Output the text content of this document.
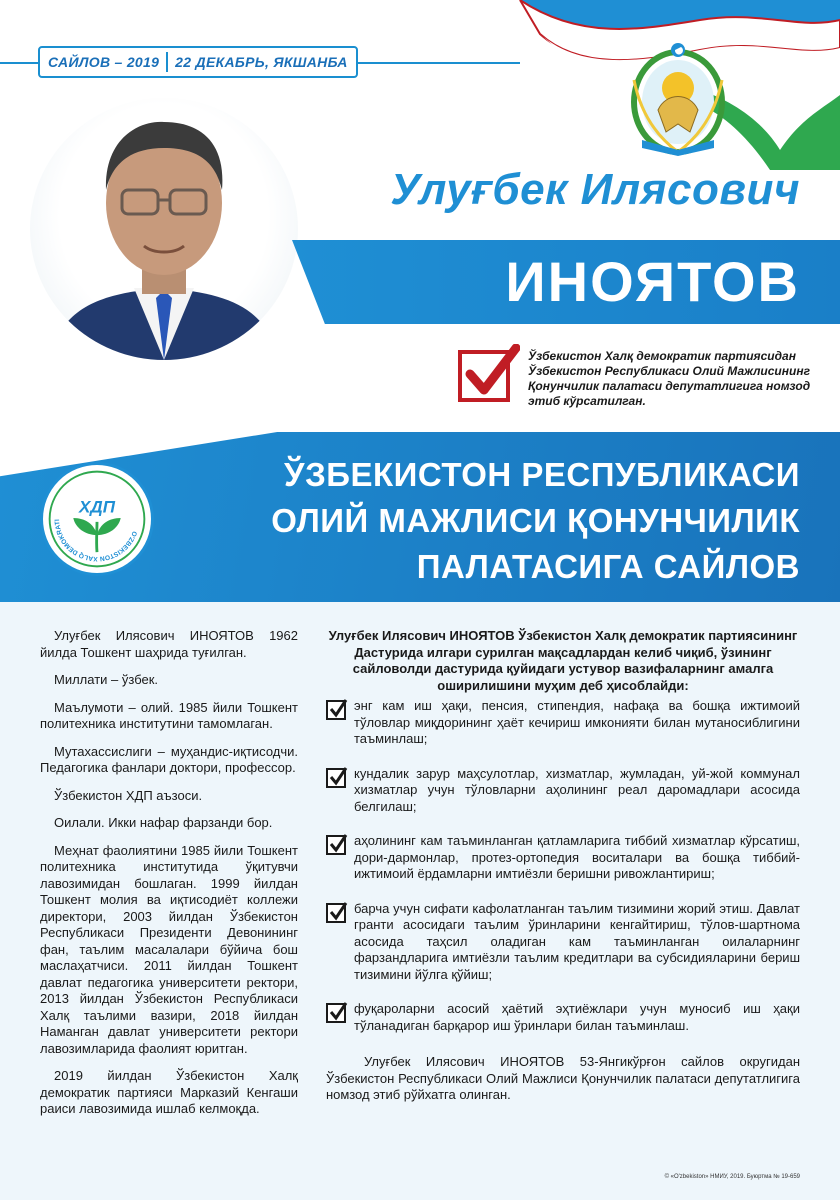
САЙЛОВ – 2019 22 ДЕКАБРЬ, ЯКШАНБА
Улуғбек Илясович
ИНОЯТОВ
Ўзбекистон Халқ демократик партиясидан Ўзбекистон Республикаси Олий Мажлисининг Қонунчилик палатаси депутатлигига номзод этиб кўрсатилган.
ЎЗБЕКИСТОН РЕСПУБЛИКАСИ
ОЛИЙ МАЖЛИСИ ҚОНУНЧИЛИК
ПАЛАТАСИГА САЙЛОВ
O'ZBEKISTON XALQ DEMOKRATI
ХДП

Улуғбек Илясович ИНОЯТОВ 1962 йилда Тошкент шаҳрида туғилган.

Миллати – ўзбек.

Маълумоти – олий. 1985 йили Тошкент политехника институтини тамомлаган.

Мутахассислиги – муҳандис-иқтисодчи. Педагогика фанлари доктори, профессор.

Ўзбекистон ХДП аъзоси.

Оилали. Икки нафар фарзанди бор.

Меҳнат фаолиятини 1985 йили Тошкент политехника институтида ўқитувчи лавозимидан бошлаган. 1999 йилдан Тошкент молия ва иқтисодиёт коллежи директори, 2003 йилдан Ўзбекистон Республикаси Президенти Девонининг фан, таълим масалалари бўйича бош маслаҳатчиси. 2011 йилдан Тошкент давлат педагогика университети ректори, 2013 йилдан Ўзбекистон Республикаси Халқ таълими вазири, 2018 йилдан Наманган давлат университети ректори лавозимларида фаолият юритган.

2019 йилдан Ўзбекистон Халқ демократик партияси Марказий Кенгаши раиси лавозимида ишлаб келмоқда.

Улуғбек Илясович ИНОЯТОВ Ўзбекистон Халқ демократик партиясининг Дастурида илгари сурилган мақсадлардан келиб чиқиб, ўзининг сайловолди дастурида қуйидаги устувор вазифаларнинг амалга оширилишини муҳим деб ҳисоблайди:
энг кам иш ҳақи, пенсия, стипендия, нафақа ва бошқа ижтимоий тўловлар миқдорининг ҳаёт кечириш имконияти билан мутаносиблигини таъминлаш;
кундалик зарур маҳсулотлар, хизматлар, жумладан, уй-жой коммунал хизматлар учун тўловларни аҳолининг реал даромадлари асосида белгилаш;
аҳолининг кам таъминланган қатламларига тиббий хизматлар кўрсатиш, дори-дармонлар, протез-ортопедия воситалари ва бошқа тиббий-ижтимоий ёрдамларни имтиёзли беришни ривожлантириш;
барча учун сифати кафолатланган таълим тизимини жорий этиш. Давлат гранти асосидаги таълим ўринларини кенгайтириш, тўлов-шартнома асосида таҳсил оладиган кам таъминланган оилаларнинг фарзандларига имтиёзли таълим кредитлари ва субсидияларини бериш тизимини йўлга қўйиш;
фуқароларни асосий ҳаётий эҳтиёжлари учун муносиб иш ҳақи тўланадиган барқарор иш ўринлари билан таъминлаш.
Улуғбек Илясович ИНОЯТОВ 53-Янгикўрғон сайлов округидан Ўзбекистон Республикаси Олий Мажлиси Қонунчилик палатаси депутатлигига номзод этиб рўйхатга олинган.
© «O'zbekiston» НМИУ, 2019. Буюртма № 19-659
